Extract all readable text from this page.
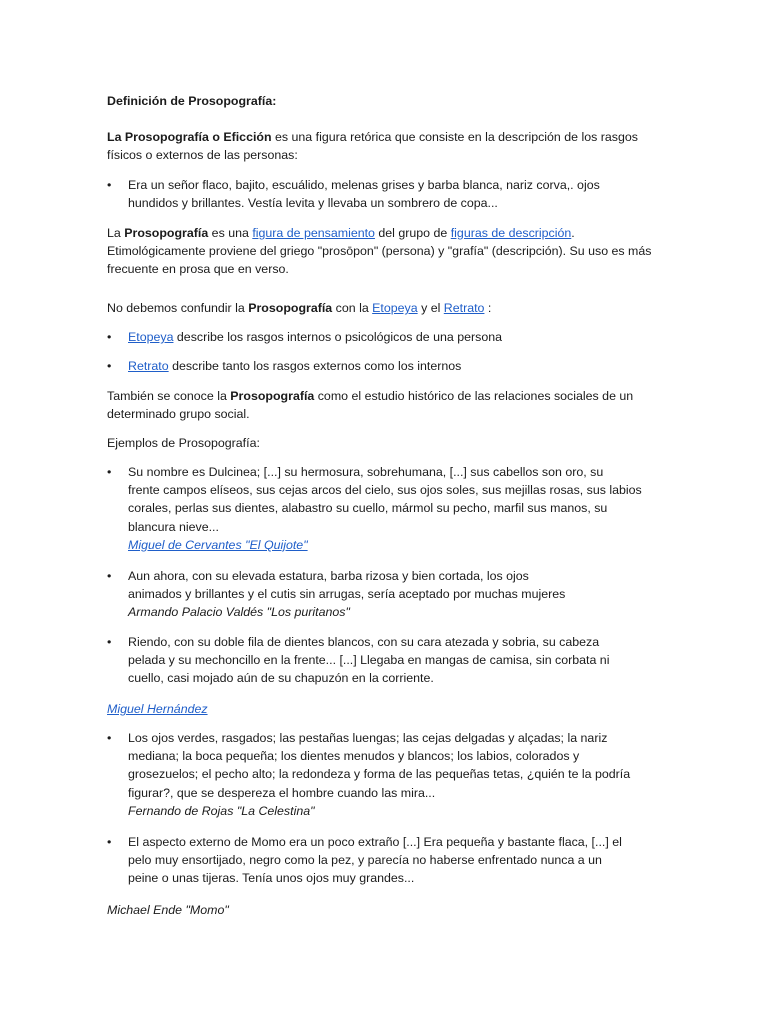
Definición de Prosopografía:

La Prosopografía o Eficción es una figura retórica que consiste en la descripción de los rasgos
físicos o externos de las personas:

• Era un señor flaco, bajito, escuálido, melenas grises y barba blanca, nariz corva,. ojos
hundidos y brillantes. Vestía levita y llevaba un sombrero de copa...

La Prosopografía es una figura de pensamiento del grupo de figuras de descripción.
Etimológicamente proviene del griego "prosōpon" (persona) y "grafía" (descripción). Su uso es más
frecuente en prosa que en verso.

No debemos confundir la Prosopografía con la Etopeya y el Retrato :

• Etopeya describe los rasgos internos o psicológicos de una persona
• Retrato describe tanto los rasgos externos como los internos

También se conoce la Prosopografía como el estudio histórico de las relaciones sociales de un
determinado grupo social.

Ejemplos de Prosopografía:

• Su nombre es Dulcinea; [...] su hermosura, sobrehumana, [...] sus cabellos son oro, su
frente campos elíseos, sus cejas arcos del cielo, sus ojos soles, sus mejillas rosas, sus labios
corales, perlas sus dientes, alabastro su cuello, mármol su pecho, marfil sus manos, su
blancura nieve...
Miguel de Cervantes "El Quijote"
• Aun ahora, con su elevada estatura, barba rizosa y bien cortada, los ojos
animados y brillantes y el cutis sin arrugas, sería aceptado por muchas mujeres
Armando Palacio Valdés "Los puritanos"
• Riendo, con su doble fila de dientes blancos, con su cara atezada y sobria, su cabeza
pelada y su mechoncillo en la frente... [...] Llegaba en mangas de camisa, sin corbata ni
cuello, casi mojado aún de su chapuzón en la corriente.

Miguel Hernández

• Los ojos verdes, rasgados; las pestañas luengas; las cejas delgadas y alçadas; la nariz
mediana; la boca pequeña; los dientes menudos y blancos; los labios, colorados y
grosezuelos; el pecho alto; la redondeza y forma de las pequeñas tetas, ¿quién te la podría
figurar?, que se despereza el hombre cuando las mira...
Fernando de Rojas "La Celestina"
• El aspecto externo de Momo era un poco extraño [...] Era pequeña y bastante flaca, [...] el
pelo muy ensortijado, negro como la pez, y parecía no haberse enfrentado nunca a un
peine o unas tijeras. Tenía unos ojos muy grandes...

Michael Ende "Momo"
